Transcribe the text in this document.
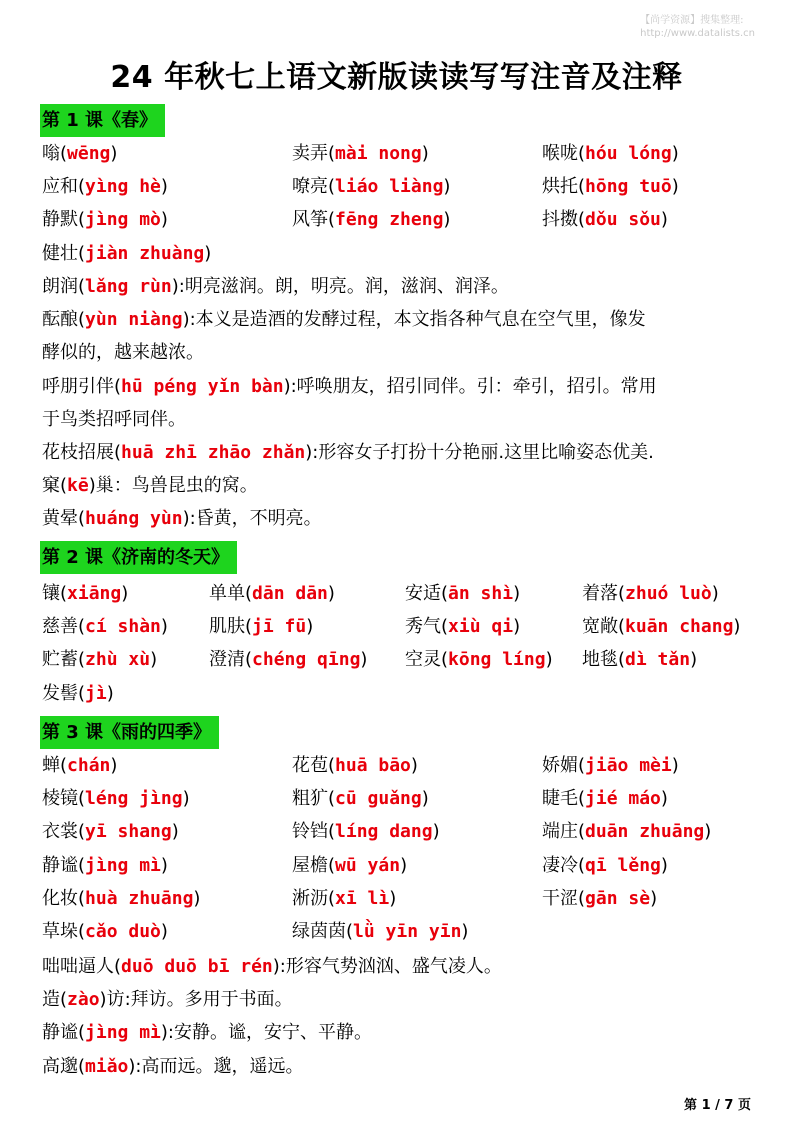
【尚学资源】搜集整理:
http://www.datalists.cn
24 年秋七上语文新版读读写写注音及注释
第 1 课《春》
嗡(wēng)	卖弄(mài nong)	喉咙(hóu lóng)
应和(yìng hè)	嘹亮(liáo liàng)	烘托(hōng tuō)
静默(jìng mò)	风筝(fēng zheng)	抖擞(dǒu sǒu)
健壮(jiàn zhuàng)
朗润(lǎng rùn):明亮滋润。朗，明亮。润，滋润、润泽。
酝酿(yùn niàng):本义是造酒的发酵过程，本文指各种气息在空气里，像发
酵似的，越来越浓。
呼朋引伴(hū péng yǐn bàn):呼唤朋友，招引同伴。引：牵引，招引。常用
于鸟类招呼同伴。
花枝招展(huā zhī zhāo zhǎn):形容女子打扮十分艳丽.这里比喻姿态优美.
窠(kē)巢：鸟兽昆虫的窝。
黄晕(huáng yùn):昏黄，不明亮。
第 2 课《济南的冬天》
镶(xiāng)	单单(dān dān)	安适(ān shì)	着落(zhuó luò)
慈善(cí shàn) 肌肤(jī fū)	秀气(xiù qi)	宽敞(kuān chang)
贮蓄(zhù xù)	澄清(chéng qīng) 空灵(kōng líng) 地毯(dì tǎn)
发髻(jì)
第 3 课《雨的四季》
蝉(chán)	花苞(huā bāo)	娇媚(jiāo mèi)
棱镜(léng jìng)	粗犷(cū guǎng)	睫毛(jié máo)
衣裳(yī shang)	铃铛(líng dang)	端庄(duān zhuāng)
静谧(jìng mì)	屋檐(wū yán)	凄冷(qī lěng)
化妆(huà zhuāng)	淅沥(xī lì)	干涩(gān sè)
草垛(cǎo duò)	绿茵茵(lǜ yīn yīn)
咄咄逼人(duō duō bī rén):形容气势汹汹、盛气凌人。
造(zào)访:拜访。多用于书面。
静谧(jìng mì):安静。谧，安宁、平静。
高邈(miǎo):高而远。邈，遥远。
第 1 / 7 页
